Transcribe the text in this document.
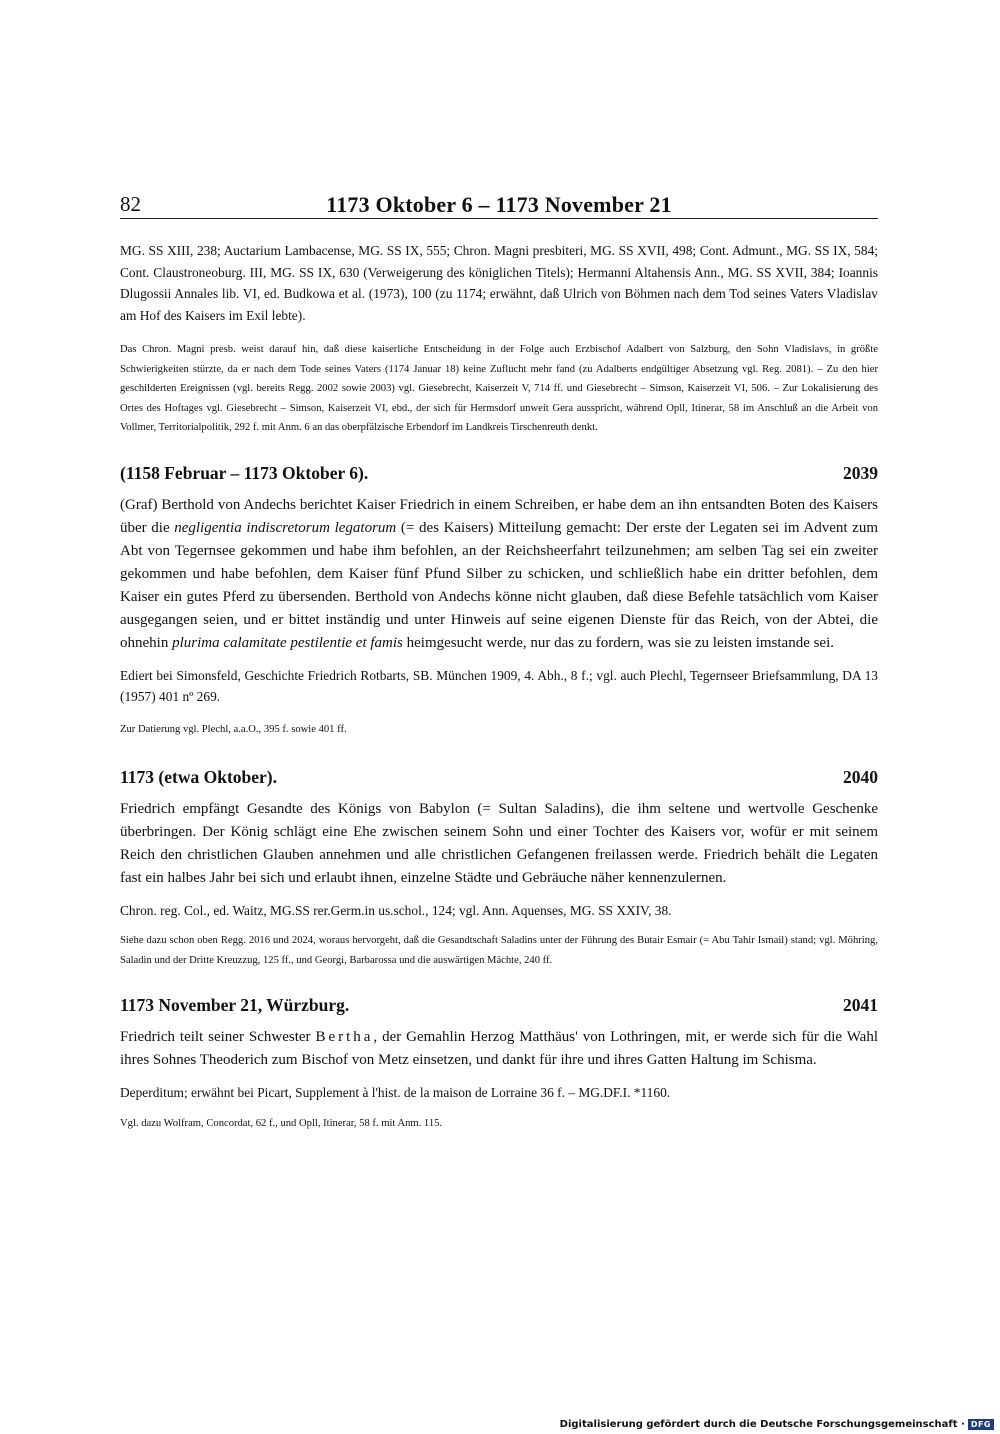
82	1173 Oktober 6 – 1173 November 21

MG. SS XIII, 238; Auctarium Lambacense, MG. SS IX, 555; Chron. Magni presbiteri, MG. SS XVII, 498; Cont. Admunt., MG. SS IX, 584; Cont. Claustroneoburg. III, MG. SS IX, 630 (Verweigerung des königlichen Titels); Hermanni Altahensis Ann., MG. SS XVII, 384; Ioannis Dlugossii Annales lib. VI, ed. Budkowa et al. (1973), 100 (zu 1174; erwähnt, daß Ulrich von Böhmen nach dem Tod seines Vaters Vladislav am Hof des Kaisers im Exil lebte).

Das Chron. Magni presb. weist darauf hin, daß diese kaiserliche Entscheidung in der Folge auch Erzbischof Adalbert von Salzburg, den Sohn Vladislavs, in größte Schwierigkeiten stürzte, da er nach dem Tode seines Vaters (1174 Januar 18) keine Zuflucht mehr fand (zu Adalberts endgültiger Absetzung vgl. Reg. 2081). – Zu den hier geschilderten Ereignissen (vgl. bereits Regg. 2002 sowie 2003) vgl. Giesebrecht, Kaiserzeit V, 714 ff. und Giesebrecht – Simson, Kaiserzeit VI, 506. – Zur Lokalisierung des Ortes des Hoftages vgl. Giesebrecht – Simson, Kaiserzeit VI, ebd., der sich für Hermsdorf unweit Gera ausspricht, während Opll, Itinerar, 58 im Anschluß an die Arbeit von Vollmer, Territorialpolitik, 292 f. mit Anm. 6 an das oberpfälzische Erbendorf im Landkreis Tirschenreuth denkt.

(1158 Februar – 1173 Oktober 6).	2039

(Graf) Berthold von Andechs berichtet Kaiser Friedrich in einem Schreiben, er habe dem an ihn entsandten Boten des Kaisers über die negligentia indiscretorum legatorum (= des Kaisers) Mitteilung gemacht: Der erste der Legaten sei im Advent zum Abt von Tegernsee gekommen und habe ihm befohlen, an der Reichsheerfahrt teilzunehmen; am selben Tag sei ein zweiter gekommen und habe befohlen, dem Kaiser fünf Pfund Silber zu schicken, und schließlich habe ein dritter befohlen, dem Kaiser ein gutes Pferd zu übersenden. Berthold von Andechs könne nicht glauben, daß diese Befehle tatsächlich vom Kaiser ausgegangen seien, und er bittet inständig und unter Hinweis auf seine eigenen Dienste für das Reich, von der Abtei, die ohnehin plurima calamitate pestilentie et famis heimgesucht werde, nur das zu fordern, was sie zu leisten imstande sei.

Ediert bei Simonsfeld, Geschichte Friedrich Rotbarts, SB. München 1909, 4. Abh., 8 f.; vgl. auch Plechl, Tegernseer Briefsammlung, DA 13 (1957) 401 nº 269.

Zur Datierung vgl. Plechl, a.a.O., 395 f. sowie 401 ff.

1173 (etwa Oktober).	2040

Friedrich empfängt Gesandte des Königs von Babylon (= Sultan Saladins), die ihm seltene und wertvolle Geschenke überbringen. Der König schlägt eine Ehe zwischen seinem Sohn und einer Tochter des Kaisers vor, wofür er mit seinem Reich den christlichen Glauben annehmen und alle christlichen Gefangenen freilassen werde. Friedrich behält die Legaten fast ein halbes Jahr bei sich und erlaubt ihnen, einzelne Städte und Gebräuche näher kennenzulernen.

Chron. reg. Col., ed. Waitz, MG.SS rer.Germ.in us.schol., 124; vgl. Ann. Aquenses, MG. SS XXIV, 38.

Siehe dazu schon oben Regg. 2016 und 2024, woraus hervorgeht, daß die Gesandtschaft Saladins unter der Führung des Butair Esmair (= Abu Tahir Ismail) stand; vgl. Möhring, Saladin und der Dritte Kreuzzug, 125 ff., und Georgi, Barbarossa und die auswärtigen Mächte, 240 ff.

1173 November 21, Würzburg.	2041

Friedrich teilt seiner Schwester Bertha, der Gemahlin Herzog Matthäus' von Lothringen, mit, er werde sich für die Wahl ihres Sohnes Theoderich zum Bischof von Metz einsetzen, und dankt für ihre und ihres Gatten Haltung im Schisma.

Deperditum; erwähnt bei Picart, Supplement à l'hist. de la maison de Lorraine 36 f. – MG.DF.I. *1160.

Vgl. dazu Wolfram, Concordat, 62 f., und Opll, Itinerar, 58 f. mit Anm. 115.

Digitalisierung gefördert durch die Deutsche Forschungsgemeinschaft · DFG
